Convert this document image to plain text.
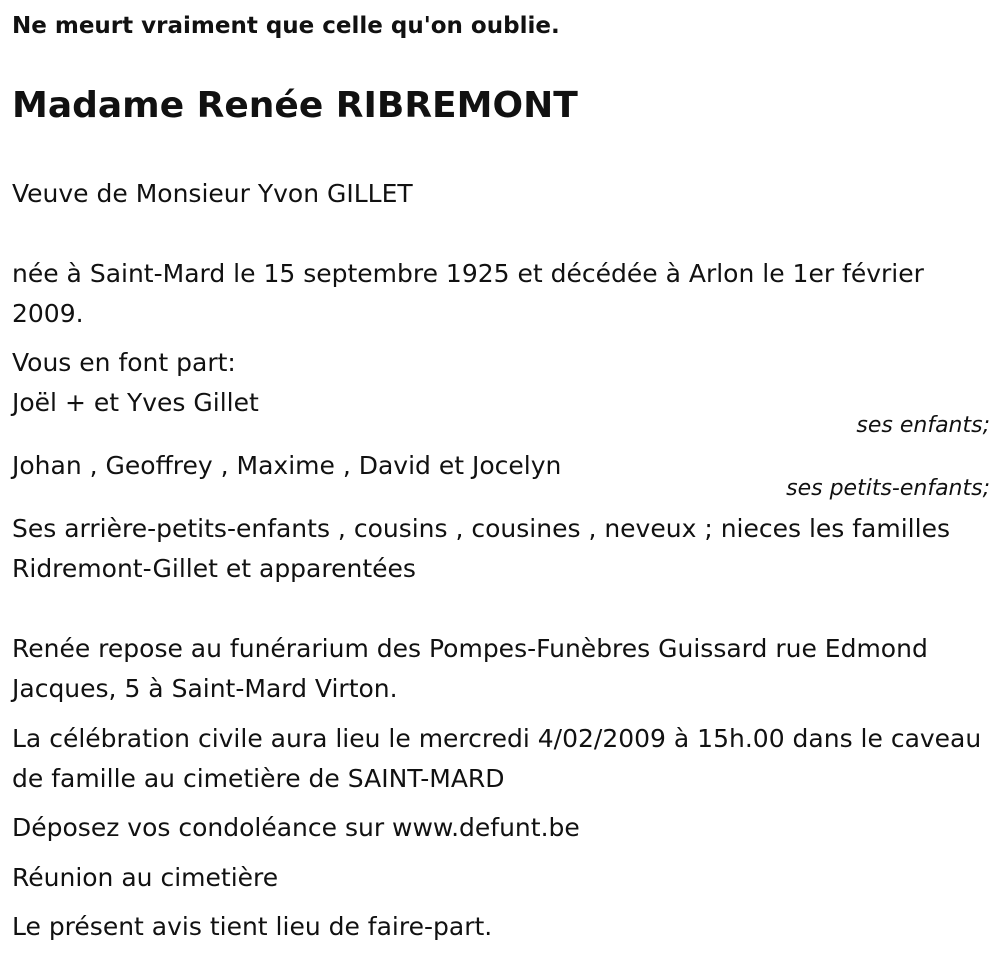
Ne meurt vraiment que celle qu'on oublie.
Madame Renée RIBREMONT

Veuve de Monsieur Yvon GILLET

née à Saint-Mard le 15 septembre 1925 et décédée à Arlon le 1er février 2009.

Vous en font part:

Joël + et Yves Gillet

ses enfants;

Johan , Geoffrey , Maxime , David et Jocelyn

ses petits-enfants;

Ses arrière-petits-enfants , cousins , cousines , neveux ; nieces les familles Ridremont-Gillet et apparentées

Renée repose au funérarium des Pompes-Funèbres Guissard rue Edmond Jacques, 5 à Saint-Mard Virton.

La célébration civile aura lieu le mercredi 4/02/2009 à 15h.00 dans le caveau de famille au cimetière de SAINT-MARD

Déposez vos condoléance sur www.defunt.be

Réunion au cimetière

Le présent avis tient lieu de faire-part.
